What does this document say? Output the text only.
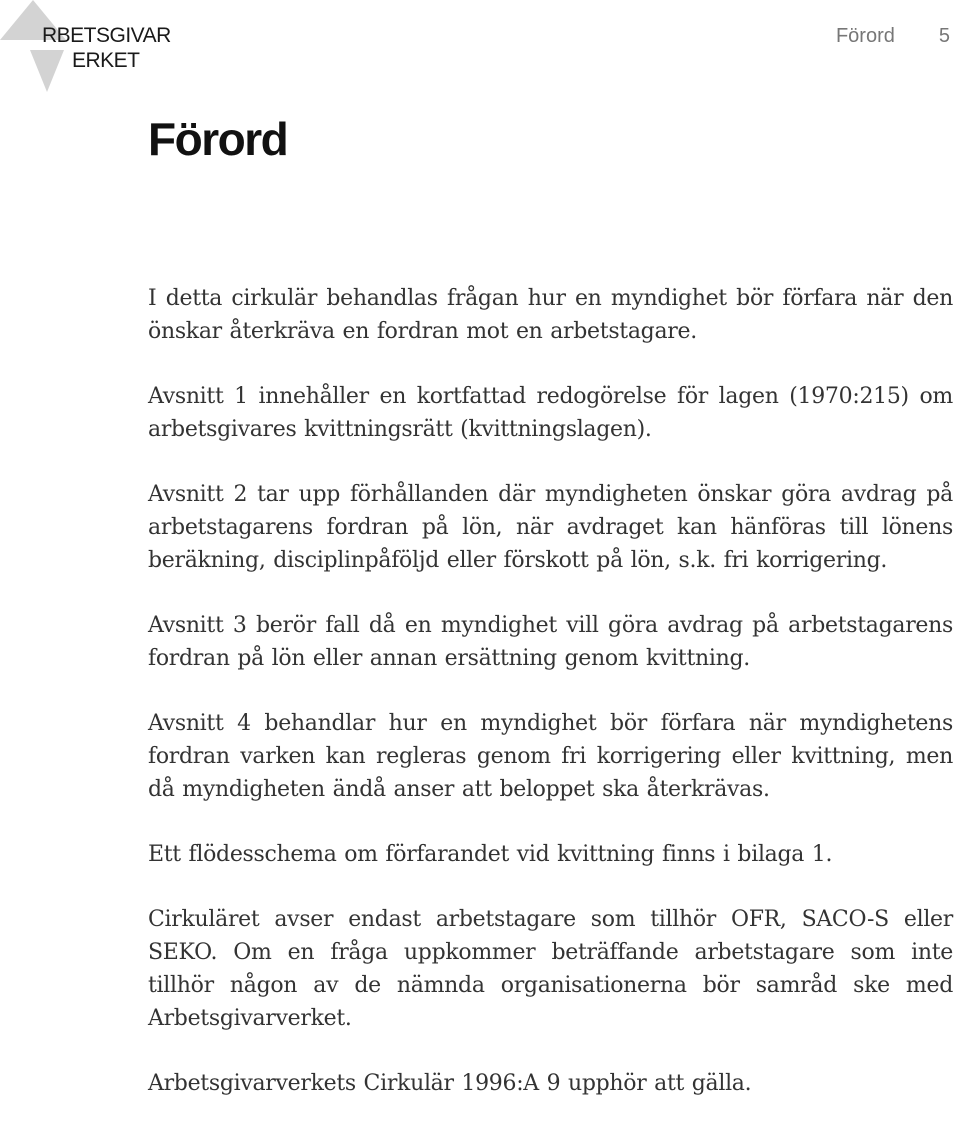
RBETSGIVAR
ERKET
Förord 5
Förord

I detta cirkulär behandlas frågan hur en myndighet bör förfara när den önskar återkräva en fordran mot en arbetstagare.

Avsnitt 1 innehåller en kortfattad redogörelse för lagen (1970:215) om arbetsgivares kvittningsrätt (kvittningslagen).

Avsnitt 2 tar upp förhållanden där myndigheten önskar göra avdrag på arbetstagarens fordran på lön, när avdraget kan hänföras till lönens beräkning, disciplinpåföljd eller förskott på lön, s.k. fri korrigering.

Avsnitt 3 berör fall då en myndighet vill göra avdrag på arbetstagarens fordran på lön eller annan ersättning genom kvittning.

Avsnitt 4 behandlar hur en myndighet bör förfara när myndighetens fordran varken kan regleras genom fri korrigering eller kvittning, men då myndigheten ändå anser att beloppet ska återkrävas.

Ett flödesschema om förfarandet vid kvittning finns i bilaga 1.

Cirkuläret avser endast arbetstagare som tillhör OFR, SACO-S eller SEKO. Om en fråga uppkommer beträffande arbetstagare som inte tillhör någon av de nämnda organisationerna bör samråd ske med Arbetsgivarverket.

Arbetsgivarverkets Cirkulär 1996:A 9 upphör att gälla.
